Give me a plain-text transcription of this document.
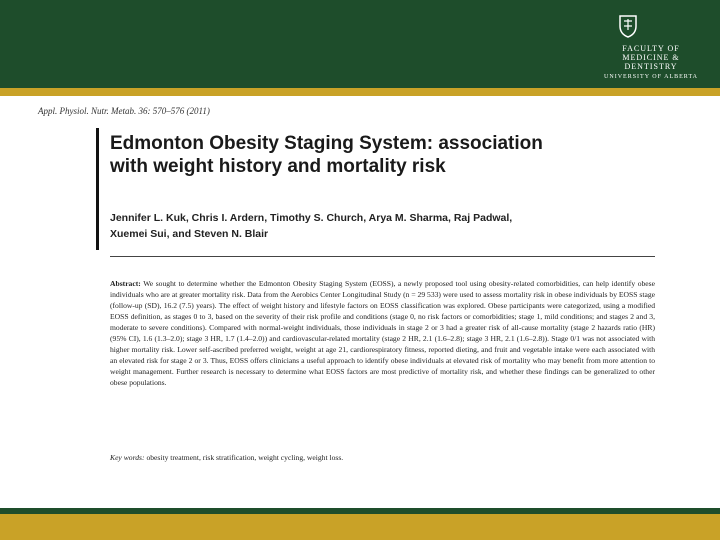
FACULTY OF
MEDICINE & DENTISTRY
UNIVERSITY OF ALBERTA
Appl. Physiol. Nutr. Metab. 36: 570–576 (2011)
Edmonton Obesity Staging System: association
with weight history and mortality risk
Jennifer L. Kuk, Chris I. Ardern, Timothy S. Church, Arya M. Sharma, Raj Padwal,
Xuemei Sui, and Steven N. Blair
Abstract: We sought to determine whether the Edmonton Obesity Staging System (EOSS), a newly proposed tool using obesity-related comorbidities, can help identify obese individuals who are at greater mortality risk. Data from the Aerobics Center Longitudinal Study (n = 29 533) were used to assess mortality risk in obese individuals by EOSS stage (follow-up (SD), 16.2 (7.5) years). The effect of weight history and lifestyle factors on EOSS classification was explored. Obese participants were categorized, using a modified EOSS definition, as stages 0 to 3, based on the severity of their risk profile and conditions (stage 0, no risk factors or comorbidities; stage 1, mild conditions; and stages 2 and 3, moderate to severe conditions). Compared with normal-weight individuals, those individuals in stage 2 or 3 had a greater risk of all-cause mortality (stage 2 hazards ratio (HR) (95% CI), 1.6 (1.3–2.0); stage 3 HR, 1.7 (1.4–2.0)) and cardiovascular-related mortality (stage 2 HR, 2.1 (1.6–2.8); stage 3 HR, 2.1 (1.6–2.8)). Stage 0/1 was not associated with higher mortality risk. Lower self-ascribed preferred weight, weight at age 21, cardiorespiratory fitness, reported dieting, and fruit and vegetable intake were each associated with an elevated risk for stage 2 or 3. Thus, EOSS offers clinicians a useful approach to identify obese individuals at elevated risk of mortality who may benefit from more attention to weight management. Further research is necessary to determine what EOSS factors are most predictive of mortality risk, and whether these findings can be generalized to other obese populations.
Key words: obesity treatment, risk stratification, weight cycling, weight loss.
